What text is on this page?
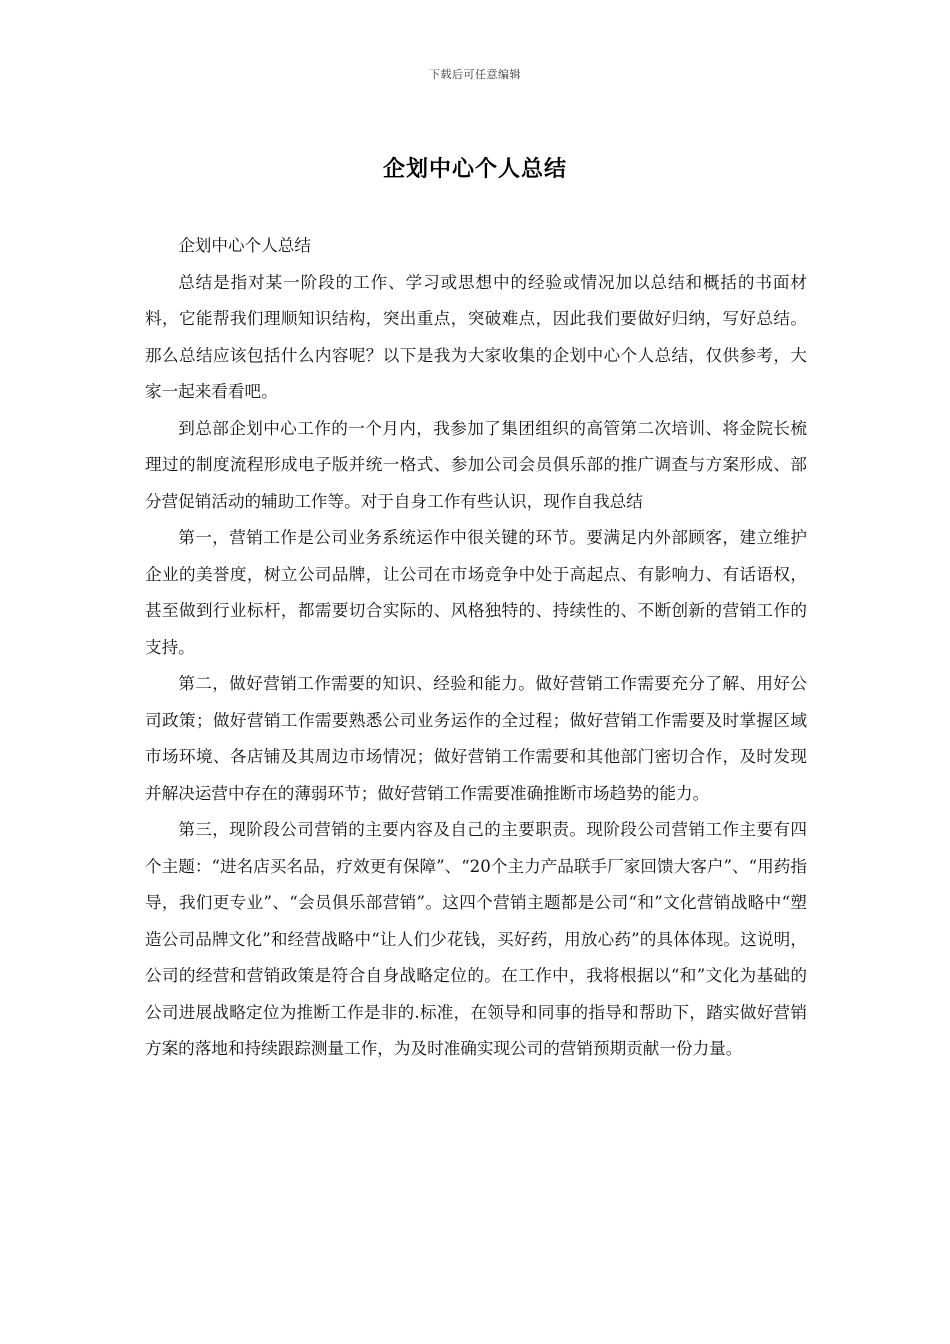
下载后可任意编辑
企划中心个人总结

企划中心个人总结

总结是指对某一阶段的工作、学习或思想中的经验或情况加以总结和概括的书面材料，它能帮我们理顺知识结构，突出重点，突破难点，因此我们要做好归纳，写好总结。那么总结应该包括什么内容呢？以下是我为大家收集的企划中心个人总结，仅供参考，大家一起来看看吧。

到总部企划中心工作的一个月内，我参加了集团组织的高管第二次培训、将金院长梳理过的制度流程形成电子版并统一格式、参加公司会员俱乐部的推广调查与方案形成、部分营促销活动的辅助工作等。对于自身工作有些认识，现作自我总结

第一，营销工作是公司业务系统运作中很关键的环节。要满足内外部顾客，建立维护企业的美誉度，树立公司品牌，让公司在市场竞争中处于高起点、有影响力、有话语权，甚至做到行业标杆，都需要切合实际的、风格独特的、持续性的、不断创新的营销工作的支持。

第二，做好营销工作需要的知识、经验和能力。做好营销工作需要充分了解、用好公司政策；做好营销工作需要熟悉公司业务运作的全过程；做好营销工作需要及时掌握区域市场环境、各店铺及其周边市场情况；做好营销工作需要和其他部门密切合作，及时发现并解决运营中存在的薄弱环节；做好营销工作需要准确推断市场趋势的能力。

第三，现阶段公司营销的主要内容及自己的主要职责。现阶段公司营销工作主要有四个主题：“进名店买名品，疗效更有保障”、“20个主力产品联手厂家回馈大客户”、“用药指导，我们更专业”、“会员俱乐部营销”。这四个营销主题都是公司“和”文化营销战略中“塑造公司品牌文化”和经营战略中“让人们少花钱，买好药，用放心药”的具体体现。这说明，公司的经营和营销政策是符合自身战略定位的。在工作中，我将根据以“和”文化为基础的公司进展战略定位为推断工作是非的.标准，在领导和同事的指导和帮助下，踏实做好营销方案的落地和持续跟踪测量工作，为及时准确实现公司的营销预期贡献一份力量。
